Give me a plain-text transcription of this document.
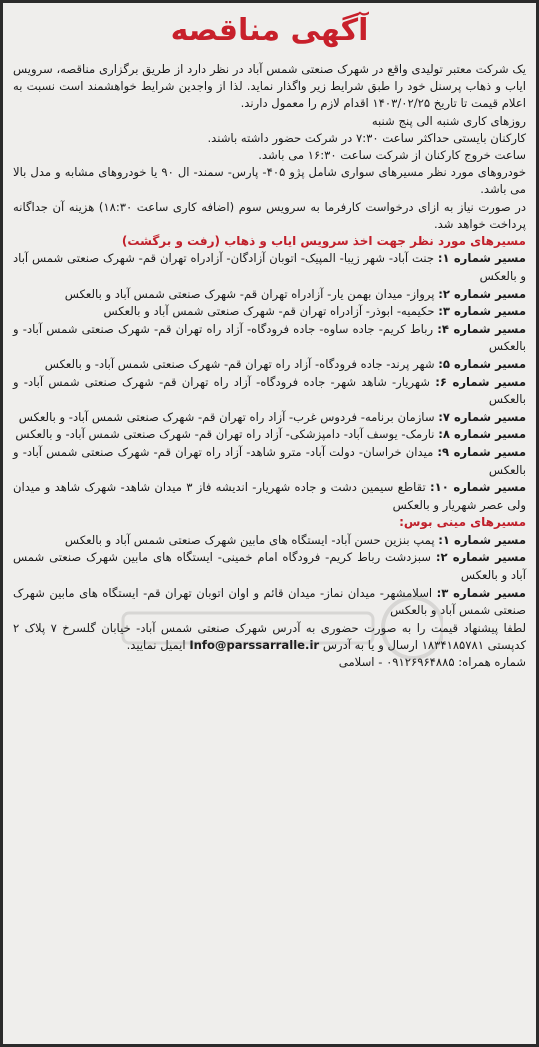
آگهی مناقصه

یک شرکت معتبر تولیدی واقع در شهرک صنعتی شمس آباد در نظر دارد از طریق برگزاری مناقصه، سرویس ایاب و ذهاب پرسنل خود را طبق شرایط زیر واگذار نماید. لذا از واجدین شرایط خواهشمند است نسبت به اعلام قیمت تا تاریخ ۱۴۰۳/۰۲/۲۵ اقدام لازم را معمول دارند.

روزهای کاری شنبه الی پنج شنبه

کارکنان بایستی حداکثر ساعت ۷:۳۰ در شرکت حضور داشته باشند.

ساعت خروج کارکنان از شرکت ساعت ۱۶:۳۰ می باشد.

خودروهای مورد نظر مسیرهای سواری شامل پژو ۴۰۵- پارس- سمند- ال ۹۰ یا خودروهای مشابه و مدل بالا می باشد.

در صورت نیاز به ازای درخواست کارفرما به سرویس سوم (اضافه کاری ساعت ۱۸:۳۰) هزینه آن جداگانه پرداخت خواهد شد.

مسیرهای مورد نظر جهت اخذ سرویس ایاب و ذهاب (رفت و برگشت)

مسیر شماره ۱: جنت آباد- شهر زیبا- المپیک- اتوبان آزادگان- آزادراه تهران قم- شهرک صنعتی شمس آباد و بالعکس

مسیر شماره ۲: پرواز- میدان بهمن یار- آزادراه تهران قم- شهرک صنعتی شمس آباد و بالعکس

مسیر شماره ۳: حکیمیه- ابوذر- آزادراه تهران قم- شهرک صنعتی شمس آباد و بالعکس

مسیر شماره ۴: رباط کریم- جاده ساوه- جاده فرودگاه- آزاد راه تهران قم- شهرک صنعتی شمس آباد- و بالعکس

مسیر شماره ۵: شهر پرند- جاده فرودگاه- آزاد راه تهران قم- شهرک صنعتی شمس آباد- و بالعکس

مسیر شماره ۶: شهریار- شاهد شهر- جاده فرودگاه- آزاد راه تهران قم- شهرک صنعتی شمس آباد- و بالعکس

مسیر شماره ۷: سازمان برنامه- فردوس غرب- آزاد راه تهران قم- شهرک صنعتی شمس آباد- و بالعکس

مسیر شماره ۸: نارمک- یوسف آباد- دامپزشکی- آزاد راه تهران قم- شهرک صنعتی شمس آباد- و بالعکس

مسیر شماره ۹: میدان خراسان- دولت آباد- مترو شاهد- آزاد راه تهران قم- شهرک صنعتی شمس آباد- و بالعکس

مسیر شماره ۱۰: تقاطع سیمین دشت و جاده شهریار- اندیشه فاز ۳ میدان شاهد- شهرک شاهد و میدان ولی عصر شهریار و بالعکس

مسیرهای مینی بوس:

مسیر شماره ۱: پمپ بنزین حسن آباد- ایستگاه های مابین شهرک صنعتی شمس آباد و بالعکس

مسیر شماره ۲: سبزدشت رباط کریم- فرودگاه امام خمینی- ایستگاه های مابین شهرک صنعتی شمس آباد و بالعکس

مسیر شماره ۳: اسلامشهر- میدان نماز- میدان قائم و اوان اتوبان تهران قم- ایستگاه های مابین شهرک صنعتی شمس آباد و بالعکس

لطفا پیشنهاد قیمت را به صورت حضوری به آدرس شهرک صنعتی شمس آباد- خیابان گلسرخ ۷ پلاک ۲ کدپستی ۱۸۳۴۱۸۵۷۸۱ ارسال و یا به آدرس Info@parssarralle.ir ایمیل نمایید.

شماره همراه: ۰۹۱۲۶۹۶۴۸۸۵ - اسلامی
